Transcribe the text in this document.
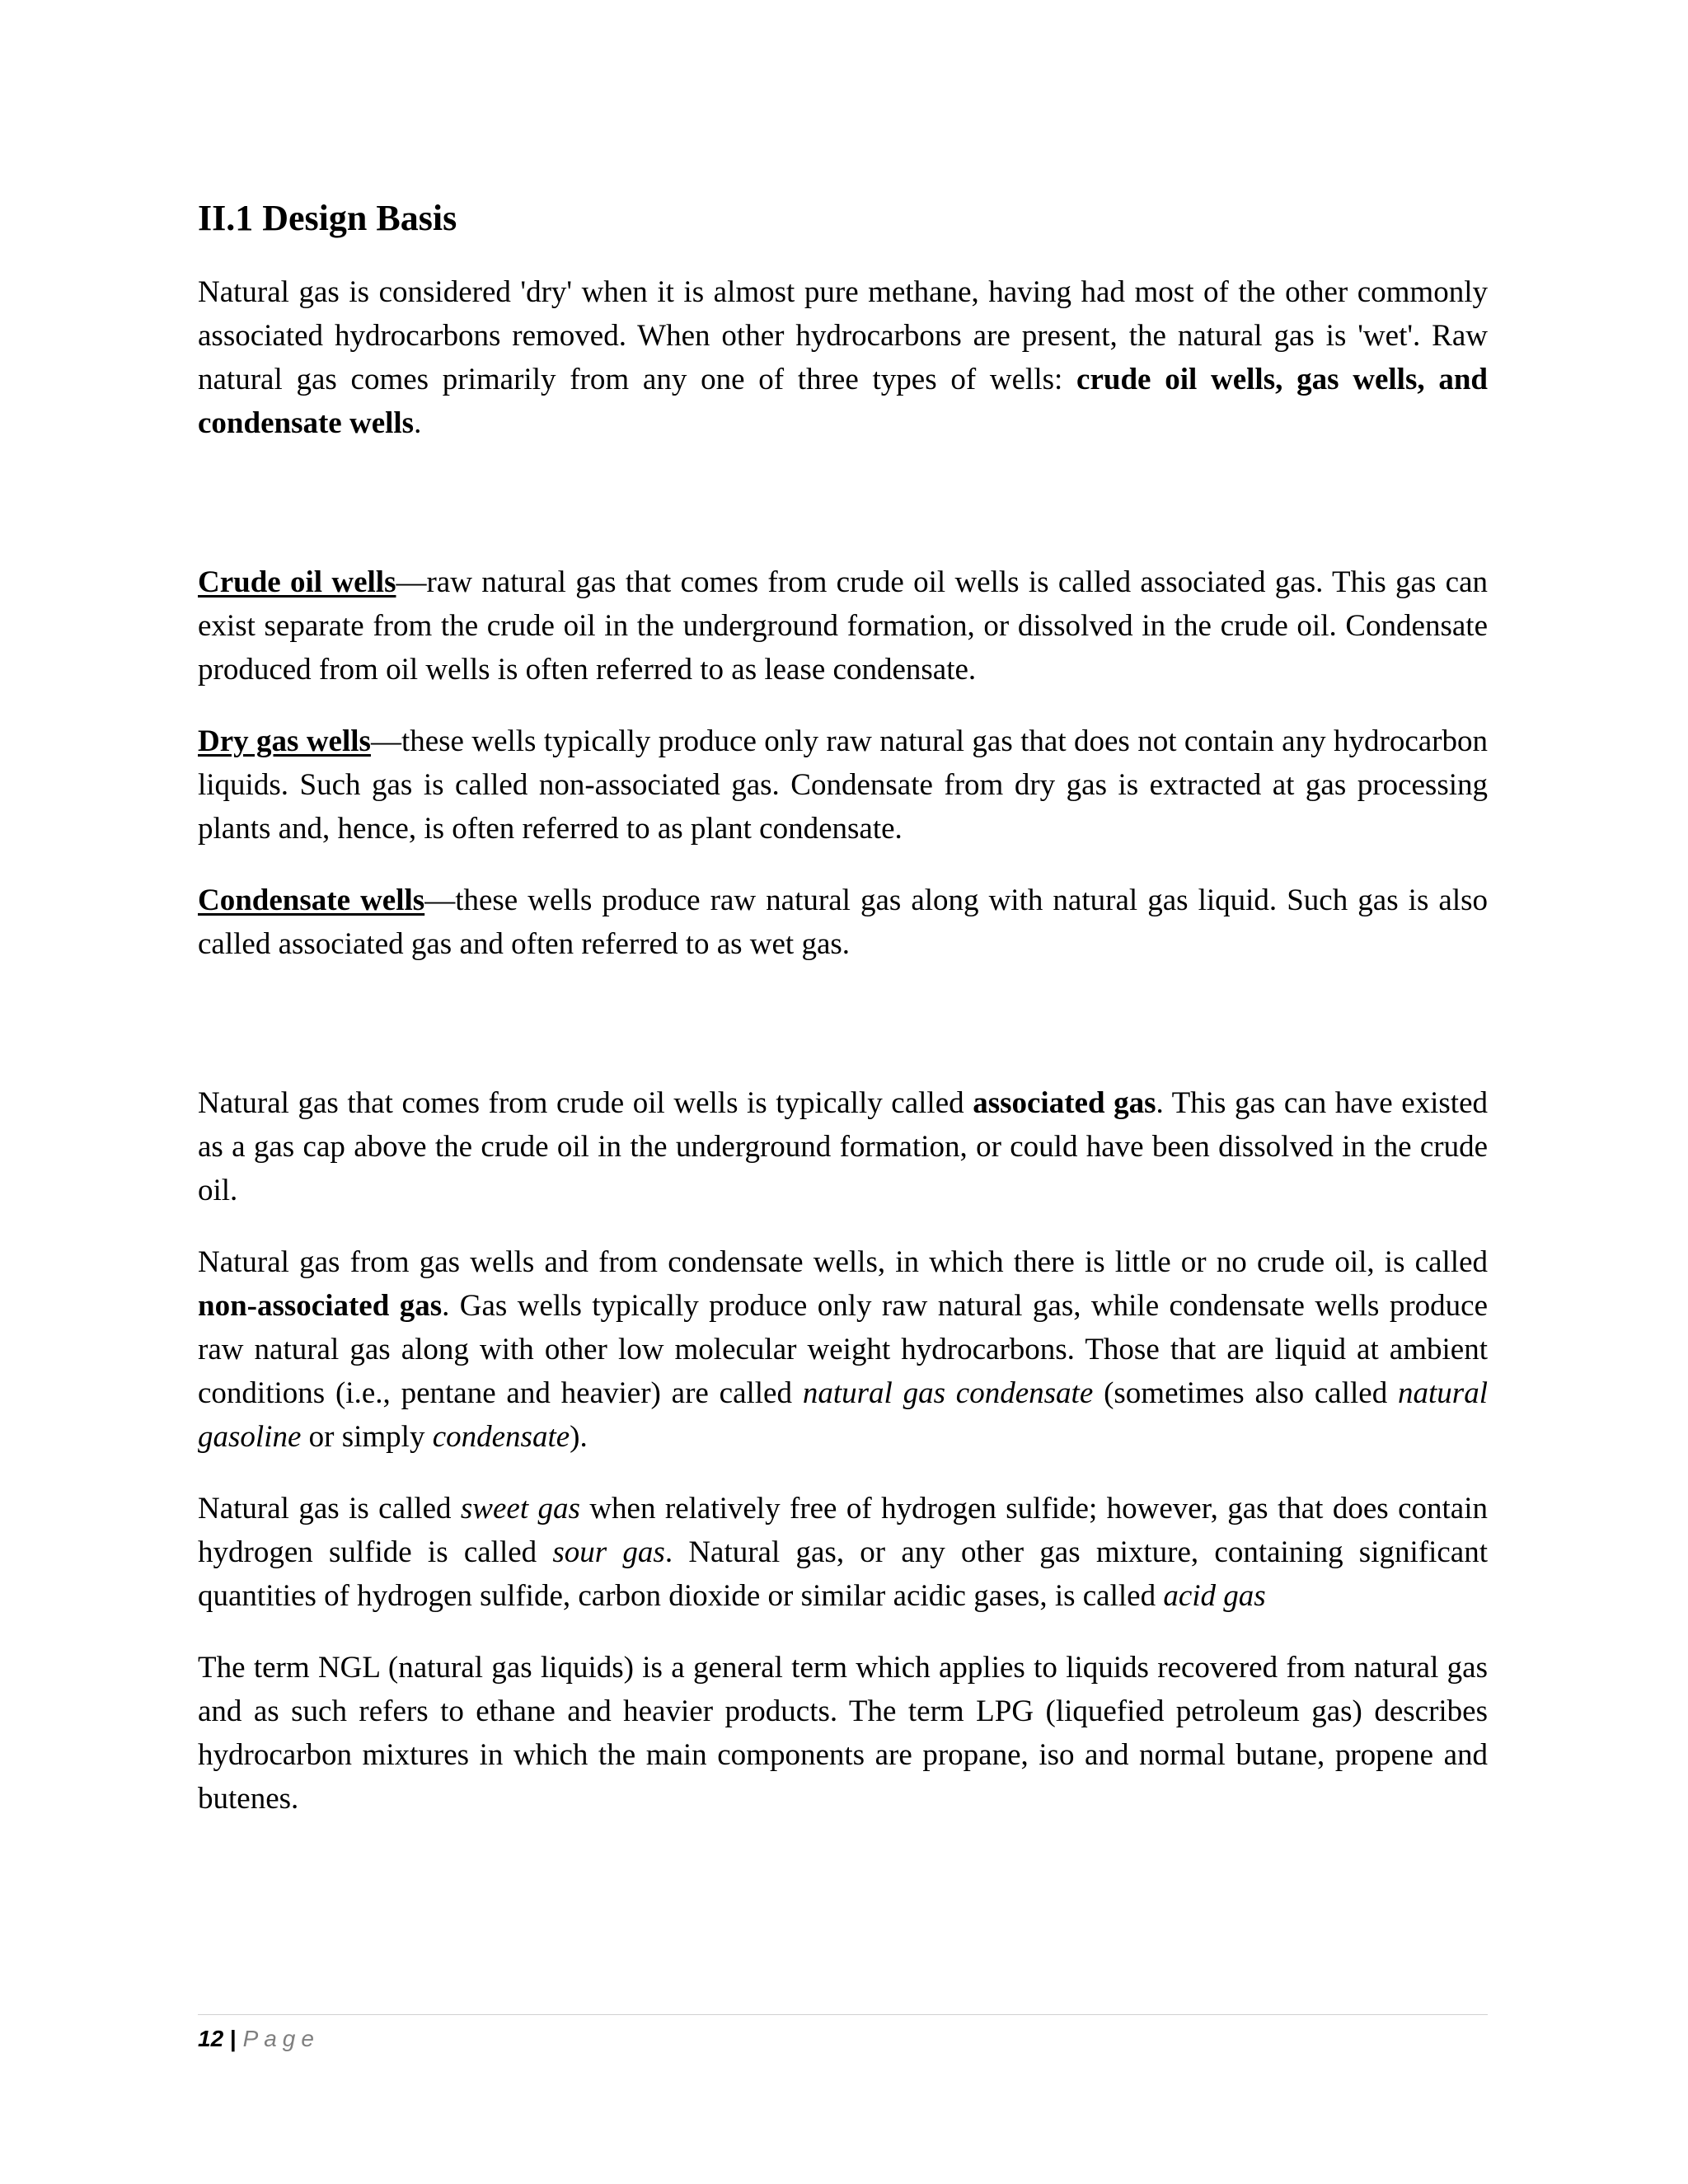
II.1 Design Basis

Natural gas is considered 'dry' when it is almost pure methane, having had most of the other commonly associated hydrocarbons removed. When other hydrocarbons are present, the natural gas is 'wet'. Raw natural gas comes primarily from any one of three types of wells: crude oil wells, gas wells, and condensate wells.

Crude oil wells—raw natural gas that comes from crude oil wells is called associated gas. This gas can exist separate from the crude oil in the underground formation, or dissolved in the crude oil. Condensate produced from oil wells is often referred to as lease condensate.

Dry gas wells—these wells typically produce only raw natural gas that does not contain any hydrocarbon liquids. Such gas is called non-associated gas. Condensate from dry gas is extracted at gas processing plants and, hence, is often referred to as plant condensate.

Condensate wells—these wells produce raw natural gas along with natural gas liquid. Such gas is also called associated gas and often referred to as wet gas.

Natural gas that comes from crude oil wells is typically called associated gas. This gas can have existed as a gas cap above the crude oil in the underground formation, or could have been dissolved in the crude oil.

Natural gas from gas wells and from condensate wells, in which there is little or no crude oil, is called non-associated gas. Gas wells typically produce only raw natural gas, while condensate wells produce raw natural gas along with other low molecular weight hydrocarbons. Those that are liquid at ambient conditions (i.e., pentane and heavier) are called natural gas condensate (sometimes also called natural gasoline or simply condensate).

Natural gas is called sweet gas when relatively free of hydrogen sulfide; however, gas that does contain hydrogen sulfide is called sour gas. Natural gas, or any other gas mixture, containing significant quantities of hydrogen sulfide, carbon dioxide or similar acidic gases, is called acid gas

The term NGL (natural gas liquids) is a general term which applies to liquids recovered from natural gas and as such refers to ethane and heavier products. The term LPG (liquefied petroleum gas) describes hydrocarbon mixtures in which the main components are propane, iso and normal butane, propene and butenes.

12 | Page
